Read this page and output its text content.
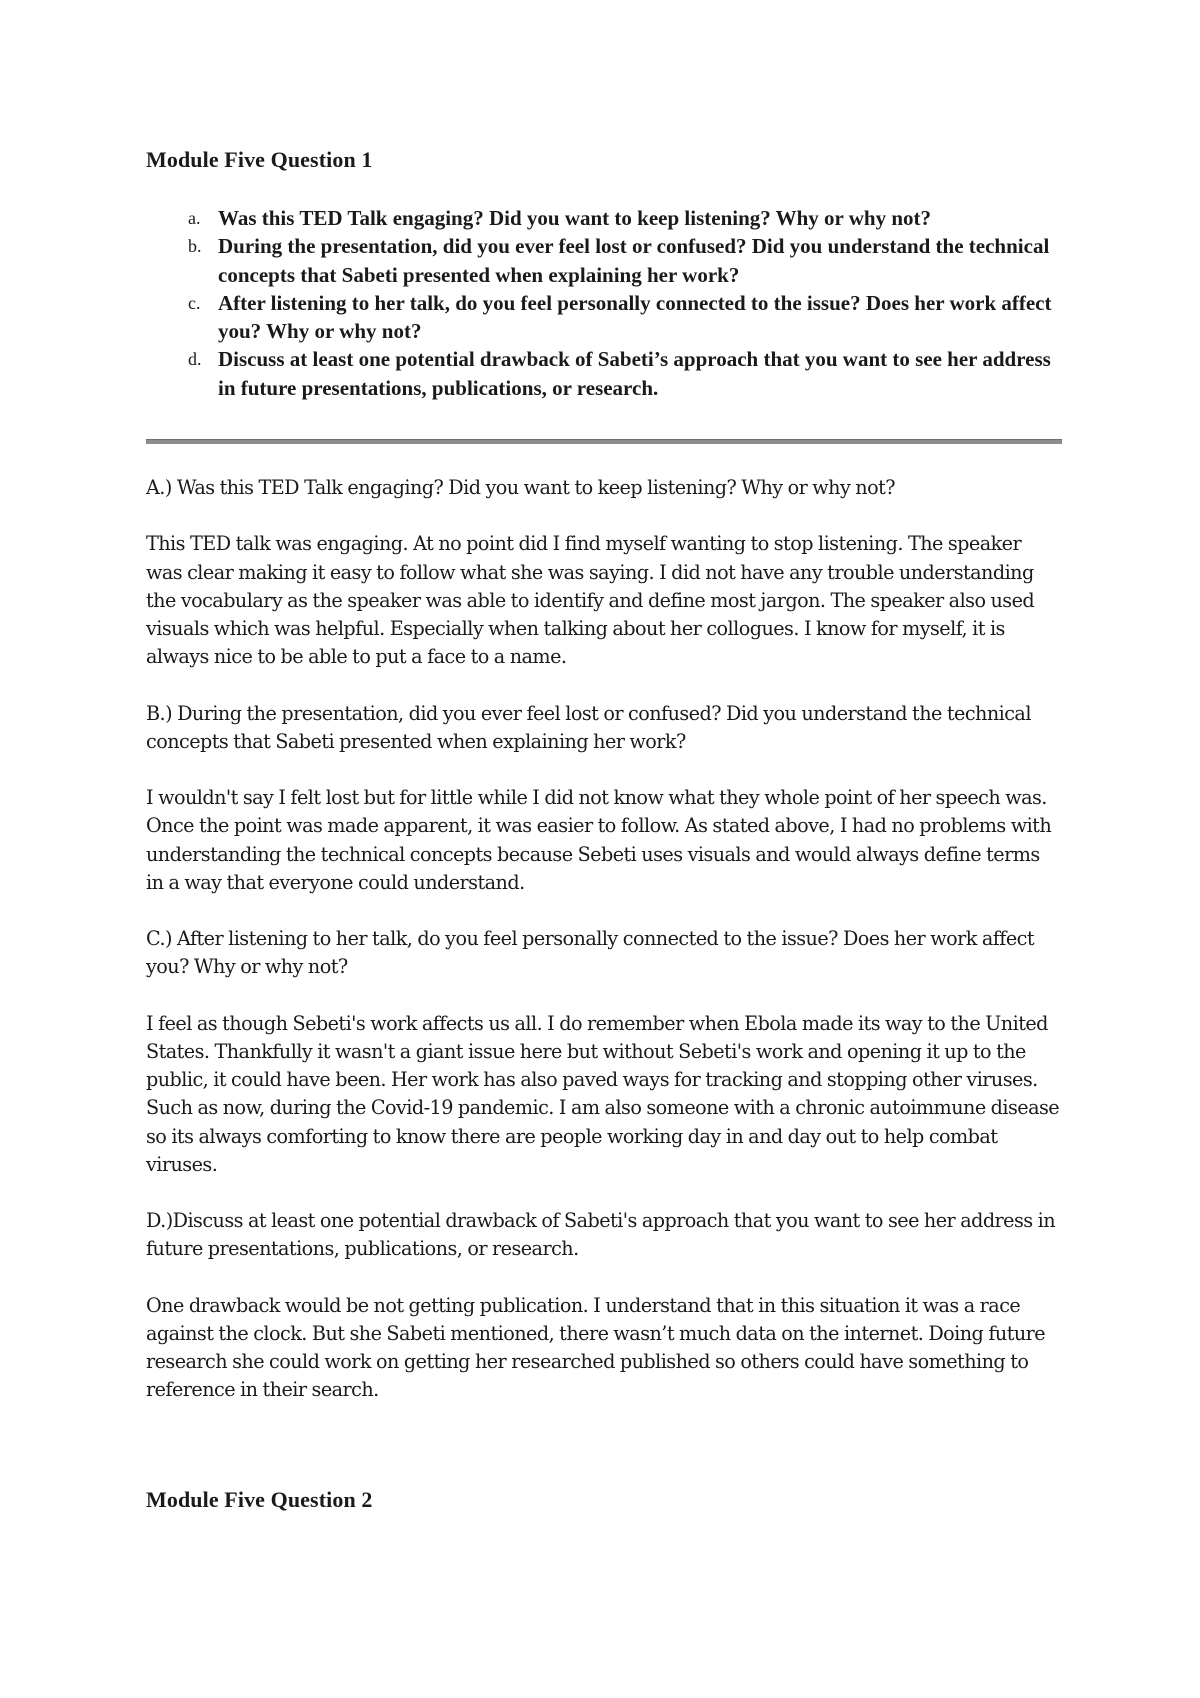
Module Five Question 1

a. Was this TED Talk engaging? Did you want to keep listening? Why or why not?
b. During the presentation, did you ever feel lost or confused? Did you understand the technical concepts that Sabeti presented when explaining her work?
c. After listening to her talk, do you feel personally connected to the issue? Does her work affect you? Why or why not?
d. Discuss at least one potential drawback of Sabeti’s approach that you want to see her address in future presentations, publications, or research.

A.) Was this TED Talk engaging? Did you want to keep listening? Why or why not?

This TED talk was engaging. At no point did I find myself wanting to stop listening. The speaker was clear making it easy to follow what she was saying. I did not have any trouble understanding the vocabulary as the speaker was able to identify and define most jargon. The speaker also used visuals which was helpful. Especially when talking about her collogues. I know for myself, it is always nice to be able to put a face to a name.

B.) During the presentation, did you ever feel lost or confused? Did you understand the technical concepts that Sabeti presented when explaining her work?

I wouldn't say I felt lost but for little while I did not know what they whole point of her speech was. Once the point was made apparent, it was easier to follow. As stated above, I had no problems with understanding the technical concepts because Sebeti uses visuals and would always define terms in a way that everyone could understand.

C.) After listening to her talk, do you feel personally connected to the issue? Does her work affect you? Why or why not?

I feel as though Sebeti's work affects us all. I do remember when Ebola made its way to the United States. Thankfully it wasn't a giant issue here but without Sebeti's work and opening it up to the public, it could have been. Her work has also paved ways for tracking and stopping other viruses. Such as now, during the Covid-19 pandemic. I am also someone with a chronic autoimmune disease so its always comforting to know there are people working day in and day out to help combat viruses.

D.)Discuss at least one potential drawback of Sabeti's approach that you want to see her address in future presentations, publications, or research.

One drawback would be not getting publication. I understand that in this situation it was a race against the clock. But she Sabeti mentioned, there wasn’t much data on the internet. Doing future research she could work on getting her researched published so others could have something to reference in their search.

Module Five Question 2
